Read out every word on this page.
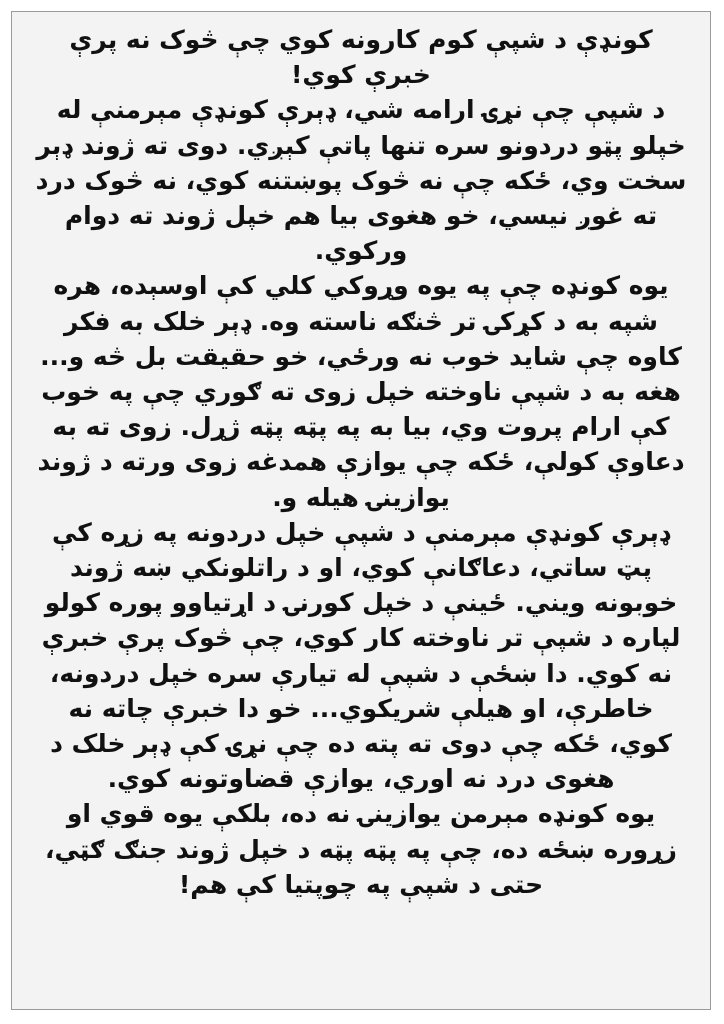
کونډې د شپې کوم کارونه کوي چې څوک نه پرې خبرې کوي!

د شپې چې نړۍ ارامه شي، ډېرې کونډې مېرمنې له خپلو پټو دردونو سره تنها پاتې کېږي. دوی ته ژوند ډېر سخت وي، ځکه چې نه څوک پوښتنه کوي، نه څوک درد ته غوږ نیسي، خو هغوی بیا هم خپل ژوند ته دوام ورکوي.

یوه کونډه چې په یوه وړوکي کلي کې اوسېده، هره شپه به د کړکۍ تر څنګه ناسته وه. ډېر خلک به فکر کاوه چې شاید خوب نه ورځي، خو حقیقت بل څه و...

هغه به د شپې ناوخته خپل زوی ته ګوري چې په خوب کې ارام پروت وي، بیا به په پټه پټه ژړل. زوی ته به دعاوې کولې، ځکه چې یوازې همدغه زوی ورته د ژوند یوازینۍ هیله و.

ډېرې کونډې مېرمنې د شپې خپل دردونه په زړه کې پټ ساتي، دعاګانې کوي، او د راتلونکي ښه ژوند خوبونه ویني. ځینې د خپل کورنۍ د اړتیاوو پوره کولو لپاره د شپې تر ناوخته کار کوي، چې څوک پرې خبرې نه کوي. دا ښځې د شپې له تیارې سره خپل دردونه، خاطرې، او هیلې شریکوي... خو دا خبرې چاته نه کوي، ځکه چې دوی ته پته ده چې نړۍ کې ډېر خلک د هغوی درد نه اوري، یوازې قضاوتونه کوي.

یوه کونډه مېرمن یوازینۍ نه ده، بلکې یوه قوي او زړوره ښځه ده، چې په پټه پټه د خپل ژوند جنګ ګټي، حتی د شپې په چوپتیا کې هم!
